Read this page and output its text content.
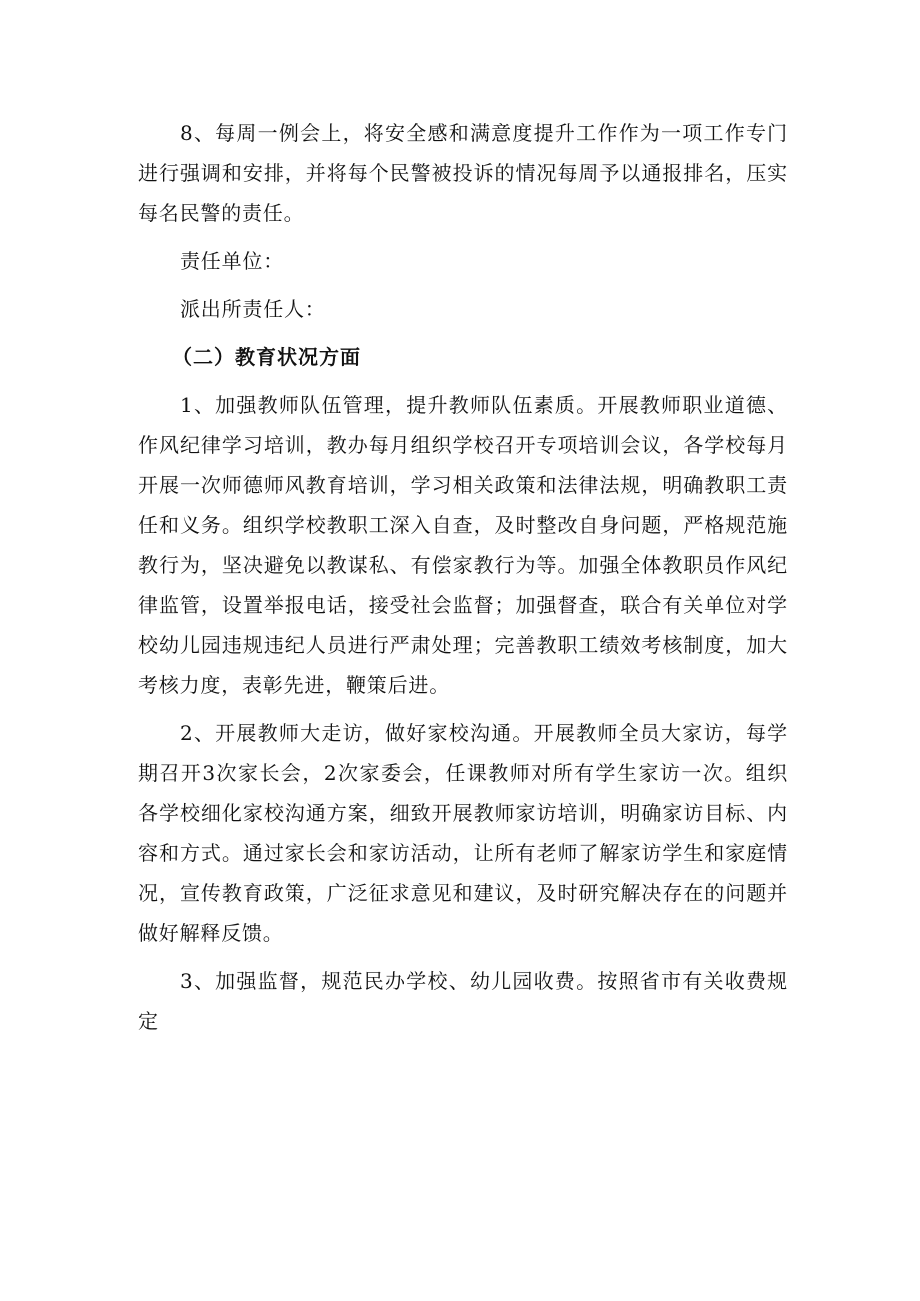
8、每周一例会上，将安全感和满意度提升工作作为一项工作专门进行强调和安排，并将每个民警被投诉的情况每周予以通报排名，压实每名民警的责任。

责任单位：

派出所责任人：

（二）教育状况方面

1、加强教师队伍管理，提升教师队伍素质。开展教师职业道德、作风纪律学习培训，教办每月组织学校召开专项培训会议，各学校每月开展一次师德师风教育培训，学习相关政策和法律法规，明确教职工责任和义务。组织学校教职工深入自查，及时整改自身问题，严格规范施教行为，坚决避免以教谋私、有偿家教行为等。加强全体教职员作风纪律监管，设置举报电话，接受社会监督；加强督查，联合有关单位对学校幼儿园违规违纪人员进行严肃处理；完善教职工绩效考核制度，加大考核力度，表彰先进，鞭策后进。

2、开展教师大走访，做好家校沟通。开展教师全员大家访，每学期召开3次家长会，2次家委会，任课教师对所有学生家访一次。组织各学校细化家校沟通方案，细致开展教师家访培训，明确家访目标、内容和方式。通过家长会和家访活动，让所有老师了解家访学生和家庭情况，宣传教育政策，广泛征求意见和建议，及时研究解决存在的问题并做好解释反馈。

3、加强监督，规范民办学校、幼儿园收费。按照省市有关收费规定
